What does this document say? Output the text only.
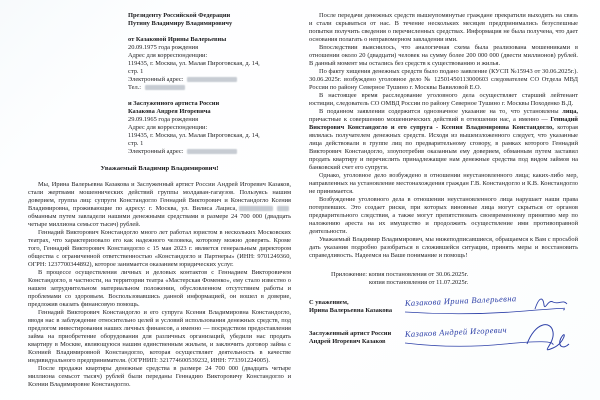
Президенту Российской Федерации
Путину Владимиру Владимировичу
от Казаковой Ирины Валерьевны
20.09.1975 года рождения
Адрес для корреспонденции:
119435, г. Москва, ул. Малая Пироговская, д. 14,
стр. 1
Электронный адрес:
Тел.:
и Заслуженного артиста России
Казакова Андрея Игоревича
29.09.1965 года рождения
Адрес для корреспонденции:
119435, г. Москва, ул. Малая Пироговская, д. 14,
стр. 1
Электронный адрес:
Уважаемый Владимир Владимирович!

Мы, Ирина Валерьевна Казакова и Заслуженный артист России Андрей Игоревич Казаков, стали жертвами мошеннических действий группы молдаван-гагаузов. Пользуясь нашим доверием, группа лиц: супруги Констандогло Геннадий Викторович и Констандогло Ксения Владимировна, проживающие по адресу: г. Москва, ул. Вилиса Лациса, обманным путем завладели нашими денежными средствами в размере 24 700 000 (двадцать четыре миллиона семьсот тысяч) рублей.

Геннадий Викторович Констандогло много лет работал юристом в нескольких Московских театрах, что характеризовало его как надежного человека, которому можно доверять. Кроме того, Геннадий Викторович Констандогло с 15 мая 2023 г. является генеральным директором общества с ограниченной ответственностью «Констандогло и Партнеры» (ИНН: 9701249360, ОГРН: 1237700344892), которое занимается оказанием юридических услуг.

В процессе осуществления личных и деловых контактов с Геннадием Викторовичем Констандогло, в частности, на территории театра «Мастерская Фоменко», ему стало известно о нашем затруднительном материальном положении, обусловленном отсутствием работы и проблемами со здоровьем. Воспользовавшись данной информацией, он вошел в доверие, предложив оказать финансовую помощь.

Геннадий Викторович Констандогло и его супруга Ксения Владимировна Констандогло, вводя нас в заблуждение относительно целей и условий использования денежных средств, под предлогом инвестирования наших личных финансов, а именно — посредством предоставления займа на приобретение оборудования для различных организаций, убедили нас продать квартиру в Москве, являющуюся нашим единственным жильем, и заключить договор займа с Ксенией Владимировной Констандогло, которая осуществляет деятельность в качестве индивидуального предпринимателя. (ОГРНИП: 321774600539232, ИНН: 773391224005).

После продажи квартиры денежные средства в размере 24 700 000 (двадцать четыре миллиона семьсот тысяч) рублей были переданы Геннадию Викторовичу Констандогло и Ксении Владимировне Констандогло.

После передачи денежных средств вышеупомянутые граждане прекратили выходить на связь и стали скрываться от нас. В течение нескольких месяцев предпринимались безуспешные попытки получить сведения о перечисленных средствах. Информация не была получена, что дает основания полагать о неправомерном завладении ими.

Впоследствии выяснилось, что аналогичная схема была реализована мошенниками в отношении около 20 (двадцати) человек на сумму более 200 000 000 (двести миллионов) рублей. В данный момент мы остались без средств к существованию и жилья.

По факту хищения денежных средств было подано заявление (КУСП №15943 от 30.06.2025г.). 30.06.2025г. возбуждено уголовное дело № 12501450113000603 следователем СО Отдела МВД России по району Северное Тушино г. Москвы Вавиловой Е.О.

В настоящее время расследование уголовного дела осуществляет старший лейтенант юстиции, следователь СО ОМВД России по району Северное Тушино г. Москвы Походенко В.Д.

В поданном заявлении содержится однозначное указание на то, что установлены лица, причастные к совершению мошеннических действий в отношении нас, а именно — Геннадий Викторович Констандогло и его супруга - Ксения Владимировна Констандогло, которая являлась получателем денежных средств. Исходя из вышеизложенного следует, что указанные лица действовали в группе лиц по предварительному сговору, в рамках которого Геннадий Викторович Констандогло, злоупотребив оказанным ему доверием, обманным путем заставил продать квартиру и перечислить принадлежащие нам денежные средства под видом займов на банковский счет его супруги.

Однако, уголовное дело возбуждено в отношении неустановленного лица; каких-либо мер, направленных на установление местонахождения граждан Г.В. Констандогло и К.В. Констандогло не принимается.

Возбуждение уголовного дела в отношении неустановленного лица нарушает наши права потерпевших. Это создает риски, при которых виновные лица могут скрыться от органов предварительного следствия, а также могут препятствовать своевременному принятию мер по наложению ареста на их имущество и продолжить осуществление ими противоправной деятельности.

Уважаемый Владимир Владимирович, мы нижеподписавшиеся, обращаемся к Вам с просьбой дать указания подробно разобраться в сложившейся ситуации, принять меры и восстановить справедливость. Надеемся на Ваше понимание и помощь!

Приложение: копия постановления от 30.06.2025г.
копия постановления от 11.07.2025г.
С уважением,
Ирина Валерьевна Казакова
Казакова Ирина Валерьевна
Заслуженный артист России
Андрей Игоревич Казаков
Казаков Андрей Игоревич
